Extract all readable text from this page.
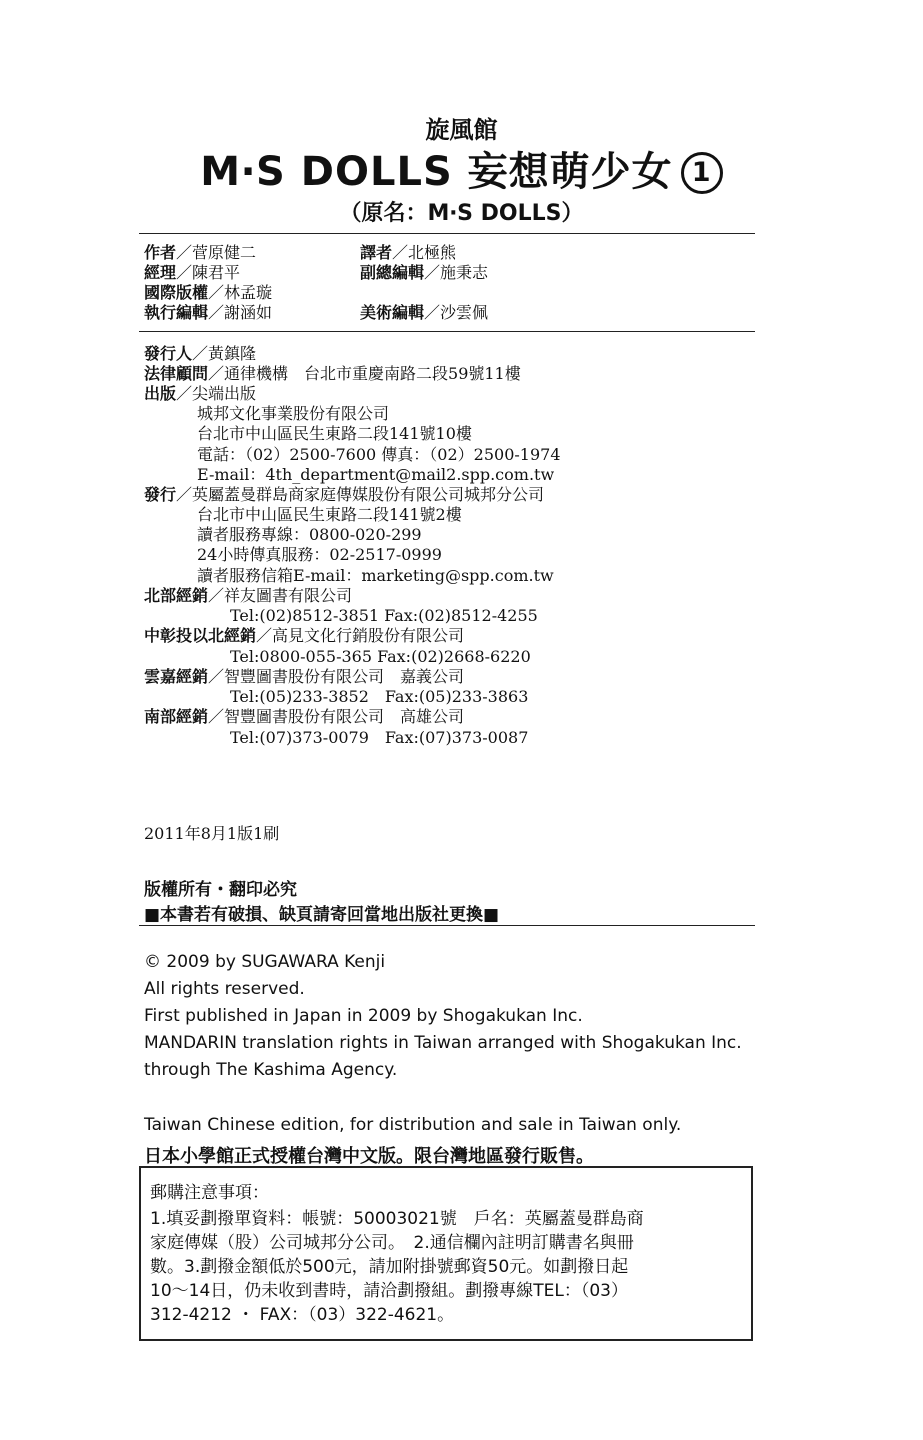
旋風館
M‧S DOLLS 妄想萌少女 1
（原名：M‧S DOLLS）
作者／菅原健二	譯者／北極熊
經理／陳君平	副總編輯／施秉志
國際版權／林孟璇
執行編輯／謝涵如	美術編輯／沙雲佩
發行人／黃鎮隆
法律顧問／通律機構　台北市重慶南路二段59號11樓
出版／尖端出版
城邦文化事業股份有限公司
台北市中山區民生東路二段141號10樓
電話：（02）2500-7600 傳真：（02）2500-1974
E-mail：4th_department@mail2.spp.com.tw
發行／英屬蓋曼群島商家庭傳媒股份有限公司城邦分公司
台北市中山區民生東路二段141號2樓
讀者服務專線：0800-020-299
24小時傳真服務：02-2517-0999
讀者服務信箱E-mail：marketing@spp.com.tw
北部經銷／祥友圖書有限公司
Tel:(02)8512-3851 Fax:(02)8512-4255
中彰投以北經銷／高見文化行銷股份有限公司
Tel:0800-055-365 Fax:(02)2668-6220
雲嘉經銷／智豐圖書股份有限公司　嘉義公司
Tel:(05)233-3852　Fax:(05)233-3863
南部經銷／智豐圖書股份有限公司　高雄公司
Tel:(07)373-0079　Fax:(07)373-0087
2011年8月1版1刷
版權所有・翻印必究
■本書若有破損、缺頁請寄回當地出版社更換■
© 2009 by SUGAWARA Kenji
All rights reserved.
First published in Japan in 2009 by Shogakukan Inc.
MANDARIN translation rights in Taiwan arranged with Shogakukan Inc.
through The Kashima Agency.
Taiwan Chinese edition, for distribution and sale in Taiwan only.
日本小學館正式授權台灣中文版。限台灣地區發行販售。
郵購注意事項：
1.填妥劃撥單資料：帳號：50003021號　戶名：英屬蓋曼群島商
家庭傳媒（股）公司城邦分公司。　2.通信欄內註明訂購書名與冊
數。3.劃撥金額低於500元，請加附掛號郵資50元。如劃撥日起
10～14日，仍未收到書時，請洽劃撥組。劃撥專線TEL：（03）
312-4212 ・ FAX：（03）322-4621。
